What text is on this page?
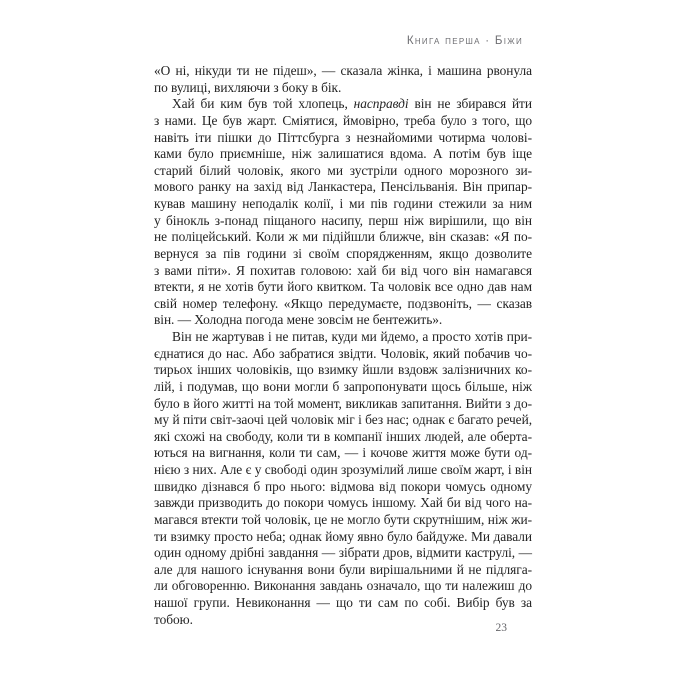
Книга перша · Біжи
«О ні, нікуди ти не підеш», — сказала жінка, і машина рвонула
по вулиці, вихляючи з боку в бік.
Хай би ким був той хлопець, насправді він не збирався йти
з нами. Це був жарт. Сміятися, ймовірно, треба було з того, що
навіть іти пішки до Піттсбурга з незнайомими чотирма чолові-
ками було приємніше, ніж залишатися вдома. А потім був іще
старий білий чоловік, якого ми зустріли одного морозного зи-
мового ранку на захід від Ланкастера, Пенсільванія. Він припар-
кував машину неподалік колії, і ми пів години стежили за ним
у бінокль з-понад піщаного насипу, перш ніж вирішили, що він
не поліцейський. Коли ж ми підійшли ближче, він сказав: «Я по-
вернуся за пів години зі своїм спорядженням, якщо дозволите
з вами піти». Я похитав головою: хай би від чого він намагався
втекти, я не хотів бути його квитком. Та чоловік все одно дав нам
свій номер телефону. «Якщо передумаєте, подзвоніть, — сказав
він. — Холодна погода мене зовсім не бентежить».
Він не жартував і не питав, куди ми йдемо, а просто хотів при-
єднатися до нас. Або забратися звідти. Чоловік, який побачив чо-
тирьох інших чоловіків, що взимку йшли вздовж залізничних ко-
лій, і подумав, що вони могли б запропонувати щось більше, ніж
було в його житті на той момент, викликав запитання. Вийти з до-
му й піти світ-заочі цей чоловік міг і без нас; однак є багато речей,
які схожі на свободу, коли ти в компанії інших людей, але оберта-
ються на вигнання, коли ти сам, — і кочове життя може бути од-
нією з них. Але є у свободі один зрозумілий лише своїм жарт, і він
швидко дізнався б про нього: відмова від покори чомусь одному
завжди призводить до покори чомусь іншому. Хай би від чого на-
магався втекти той чоловік, це не могло бути скрутнішим, ніж жи-
ти взимку просто неба; однак йому явно було байдуже. Ми давали
один одному дрібні завдання — зібрати дров, відмити каструлі, —
але для нашого існування вони були вирішальними й не підляга-
ли обговоренню. Виконання завдань означало, що ти належиш до
нашої групи. Невиконання — що ти сам по собі. Вибір був за тобою.
23
